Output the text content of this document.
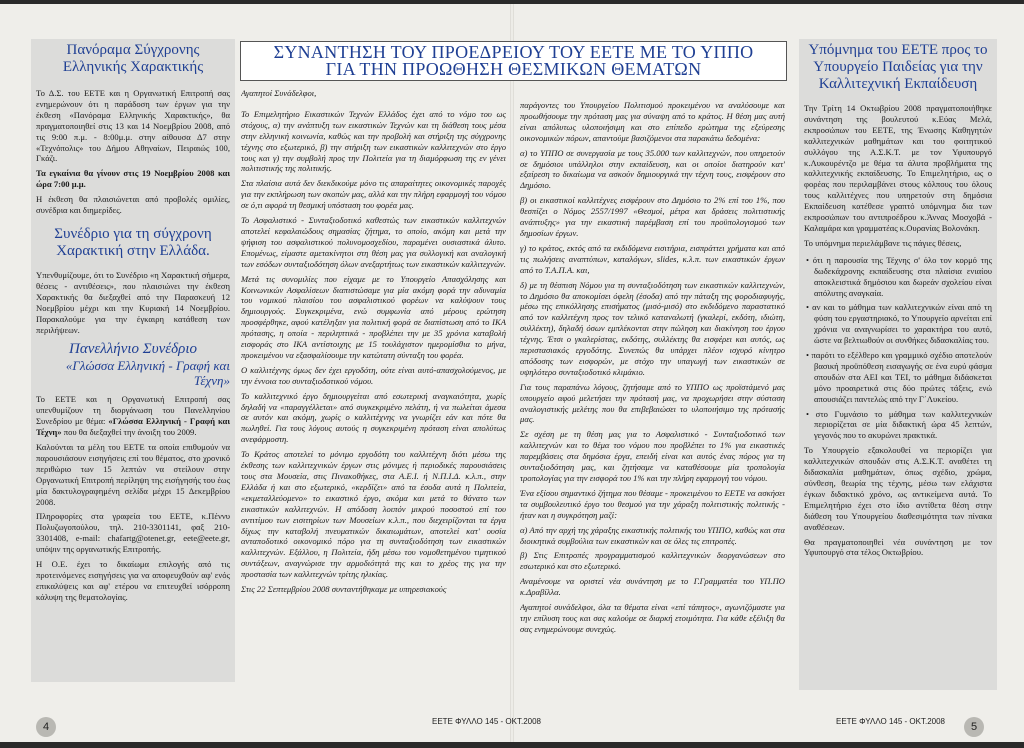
Πανόραμα Σύγχρονης Ελληνικής Χαρακτικής

Το Δ.Σ. του ΕΕΤΕ και η Οργανωτική Επιτροπή σας ενημερώνουν ότι η παράδοση των έργων για την έκθεση «Πανόραμα Ελληνικής Χαρακτικής», θα πραγματοποιηθεί στις 13 και 14 Νοεμβρίου 2008, από τις 9:00 π.μ. - 8:00μ.μ. στην αίθουσα Δ7 στην «Τεχνόπολις» του Δήμου Αθηναίων, Πειραιώς 100, Γκάζι.

Τα εγκαίνια θα γίνουν στις 19 Νοεμβρίου 2008 και ώρα 7:00 μ.μ.

Η έκθεση θα πλαισιώνεται από προβολές ομιλίες, συνέδρια και διημερίδες.

Συνέδριο για τη σύγχρονη Χαρακτική στην Ελλάδα.

Υπενθυμίζουμε, ότι το Συνέδριο «η Χαρακτική σήμερα, θέσεις - αντιθέσεις», που πλαισιώνει την έκθεση Χαρακτικής θα διεξαχθεί από την Παρασκευή 12 Νοεμβρίου μέχρι και την Κυριακή 14 Νοεμβρίου. Παρακαλούμε για την έγκαιρη κατάθεση των περιλήψεων.

Πανελλήνιο Συνέδριο
«Γλώσσα Ελληνική - Γραφή και Τέχνη»

Το ΕΕΤΕ και η Οργανωτική Επιτροπή σας υπενθυμίζουν τη διοργάνωση του Πανελληνίου Συνεδρίου με θέμα: «Γλώσσα Ελληνική - Γραφή και Τέχνη» που θα διεξαχθεί την άνοιξη του 2009.

Καλούνται τα μέλη του ΕΕΤΕ τα οποία επιθυμούν να παρουσιάσουν εισηγήσεις επί του θέματος, στο χρονικό περιθώριο των 15 λεπτών να στείλουν στην Οργανωτική Επιτροπή περίληψη της εισήγησής του έως μία δακτυλογραφημένη σελίδα μέχρι 15 Δεκεμβρίου 2008.

Πληροφορίες στα γραφεία του ΕΕΤΕ, κ.Πέννυ Πολυζωγοπούλου, τηλ. 210-3301141, φαξ 210-3301408, e-mail: chafartg@otenet.gr, eete@eete.gr, υπόψιν της οργανωτικής Επιτροπής.

Η Ο.Ε. έχει το δικαίωμα επιλογής από τις προτεινόμενες εισηγήσεις για να αποφευχθούν αφ' ενός επικαλύψεις και αφ' ετέρου να επιτευχθεί ισόρροπη κάλυψη της θεματολογίας.

ΣΥΝΑΝΤΗΣΗ ΤΟΥ ΠΡΟΕΔΡΕΙΟΥ ΤΟΥ ΕΕΤΕ ΜΕ ΤΟ ΥΠΠΟ
ΓΙΑ ΤΗΝ ΠΡΟΩΘΗΣΗ ΘΕΣΜΙΚΩΝ ΘΕΜΑΤΩΝ

Αγαπητοί Συνάδελφοι,

Το Επιμελητήριο Εικαστικών Τεχνών Ελλάδος έχει από το νόμο του ως στόχους, α) την ανάπτυξη των εικαστικών Τεχνών και τη διάθεση τους μέσα στην ελληνική κοινωνία, καθώς και την προβολή και στήριξη της σύγχρονης τέχνης στο εξωτερικό, β) την στήριξη των εικαστικών καλλιτεχνών στο έργο τους και γ) την συμβολή προς την Πολιτεία για τη διαμόρφωση της εν γένει πολιτιστικής της πολιτικής.

Στα πλαίσια αυτά δεν διεκδικούμε μόνο τις απαραίτητες οικονομικές παροχές για την εκπλήρωση των σκοπών μας, αλλά και την πλήρη εφαρμογή του νόμου σε ό,τι αφορά τη θεσμική υπόσταση του φορέα μας.

Το Ασφαλιστικό - Συνταξιοδοτικό καθεστώς των εικαστικών καλλιτεχνών αποτελεί κεφαλαιώδους σημασίας ζήτημα, το οποίο, ακόμη και μετά την ψήφιση του ασφαλιστικού πολυνομοσχεδίου, παραμένει ουσιαστικά άλυτο. Επομένως, είμαστε αμετακίνητοι στη θέση μας για συλλογική και αναλογική των εσόδων συνταξιοδότηση όλων ανεξαρτήτως των εικαστικών καλλιτεχνών.

Μετά τις συνομιλίες που είχαμε με το Υπουργείο Απασχόλησης και Κοινωνικών Ασφαλίσεων διαπιστώσαμε για μία ακόμη φορά την αδυναμία του νομικού πλαισίου του ασφαλιστικού φορέων να καλύψουν τους δημιουργούς. Συγκεκριμένα, ενώ συμφωνία από μέρους ερώτηση προσφέρθηκε, αφού κατέληξαν για πολιτική φορά σε διαπίστωση από το ΙΚΑ πρότασης, η οποία - περιληπτικά - προβλέπει την με 35 χρόνια καταβολή εισφοράς στο ΙΚΑ αντίστοιχης με 15 τουλάχιστον ημερομίσθια το μήνα, προκειμένου να εξασφαλίσουμε την κατώτατη σύνταξη του φορέα.

Ο καλλιτέχνης όμως δεν έχει εργοδότη, ούτε είναι αυτό-απασχολούμενος, με την έννοια του συνταξιοδοτικού νόμου.

Το καλλιτεχνικό έργο δημιουργείται από εσωτερική αναγκαιότητα, χωρίς δηλαδή να «παραγγέλλεται» από συγκεκριμένο πελάτη, ή να πωλείται άμεσα σε αυτόν και ακόμη, χωρίς ο καλλιτέχνης να γνωρίζει εάν και πότε θα πωληθεί. Για τους λόγους αυτούς η συγκεκριμένη πρόταση είναι απολύτως ανεφάρμοστη.

Το Κράτος αποτελεί το μόνιμο εργοδότη του καλλιτέχνη διότι μέσω της έκθεσης των καλλιτεχνικών έργων στις μόνιμες ή περιοδικές παρουσιάσεις τους στα Μουσεία, στις Πινακοθήκες, στα Α.Ε.Ι. ή Ν.Π.Ι.Δ. κ.λ.π., στην Ελλάδα ή και στο εξωτερικό, «κερδίζει» από τα έσοδα αυτά η Πολιτεία, «εκμεταλλεύομενο» το εικαστικό έργο, ακόμα και μετά το θάνατο των εικαστικών καλλιτεχνών. Η απόδοση λοιπόν μικρού ποσοστού επί του αντιτίμου των εισιτηρίων των Μουσείων κ.λ.π., που διεχειρίζονται τα έργα δίχως την καταβολή πνευματικών δικαιωμάτων, αποτελεί κατ' ουσία ανταποδοτικό οικονομικό πόρο για τη συνταξιοδότηση των εικαστικών καλλιτεχνών. Εξάλλου, η Πολιτεία, ήδη μέσω του νομοθετημένου τιμητικού συντάξεων, αναγνώρισε την αρμοδιότητά της και το χρέος της για την προστασία των καλλιτεχνών τρίτης ηλικίας.

Στις 22 Σεπτεμβρίου 2008 συνταντήθηκαμε με υπηρεσιακούς

παράγοντες του Υπουργείου Πολιτισμού προκειμένου να αναλύσουμε και προωθήσουμε την πρόταση μας για σύναψη από το κράτος. Η θέση μας αυτή είναι απόλυτως υλοποιήσιμη και στο επίπεδο ερώτημα της εξεύρεσης οικονομικών πόρων, απαντούμε βασιζόμενοι στα παρακάτω δεδομένα:

α) το ΥΠΠΟ σε συνεργασία με τους 35.000 των καλλιτεχνών, που υπηρετούν σε δημόσιοι υπάλληλοι στην εκπαίδευση, και οι οποίοι διατηρούν κατ' εξαίρεση το δικαίωμα να ασκούν δημιουργικά την τέχνη τους, εισφέρουν στο Δημόσιο.

β) οι εικαστικοί καλλιτέχνες εισφέρουν στο Δημόσιο το 2% επί του 1%, που θεσπίζει ο Νόμος 2557/1997 «Θεσμοί, μέτρα και δράσεις πολιτιστικής ανάπτυξης» για την εικαστική παρέμβαση επί του προϋπολογισμού των δημοσίων έργων.

γ) το κράτος, εκτός από τα εκδιδόμενα εισιτήρια, εισπράττει χρήματα και από τις πωλήσεις αναπτύπων, καταλόγων, slides, κ.λ.π. των εικαστικών έργων από το Τ.Α.Π.Α. και,

δ) με τη θέσπιση Νόμου για τη συνταξιοδότηση των εικαστικών καλλιτεχνών, το Δημόσιο θα αποκομίσει όφελη (έσοδα) από την πάταξη της φοροδιαφυγής, μέσω της επικόλλησης επισήματος (μισό-μισό) στο εκδιδόμενο παραστατικό από τον καλλιτέχνη προς τον τελικό καταναλωτή (γκαλερί, εκδότη, ιδιώτη, συλλέκτη), δηλαδή όσων εμπλέκονται στην πώληση και διακίνηση του έργου τέχνης. Έτσι ο γκαλερίστας, εκδότης, συλλέκτης θα εισφέρει και αυτός, ως περιστασιακός εργοδότης. Συνεπώς θα υπάρχει πλέον ισχυρό κίνητρο απόδοσης των εισφορών, με στόχο την υπαγωγή των εικαστικών σε υψηλότερο συνταξιοδοτικό κλιμάκιο.

Για τους παραπάνω λόγους, ζητήσαμε από το ΥΠΠΟ ως προϊστάμενό μας υπουργείο αφού μελετήσει την πρότασή μας, να προχωρήσει στην σύσταση αναλογιστικής μελέτης που θα επιβεβαιώσει το υλοποιήσιμο της πρότασής μας.

Σε σχέση με τη θέση μας για το Ασφαλιστικό - Συνταξιοδοτικό των καλλιτεχνών και το θέμα του νόμου που προβλέπει το 1% για εικαστικές παρεμβάσεις στα δημόσια έργα, επειδή είναι και αυτός ένας πόρος για τη συνταξιοδότηση μας, και ζητήσαμε να καταθέσουμε μία τροπολογία τροπολογίας για την εισφορά του 1% και την πλήρη εφαρμογή του νόμου.

Ένα εξίσου σημαντικό ζήτημα που θέσαμε - προκειμένου το ΕΕΤΕ να ασκήσει τα συμβουλευτικό έργο του θεσμού για την χάραξη πολιτιστικής πολιτικής - ήταν και η συγκρότηση μαζί:

α) Από την αρχή της χάραξης εικαστικής πολιτικής του ΥΠΠΟ, καθώς και στα διοικητικά συμβούλια των εικαστικών και σε όλες τις επιτροπές.

β) Στις Επιτροπές προγραμματισμού καλλιτεχνικών διοργανώσεων στο εσωτερικό και στο εξωτερικό.

Αναμένουμε να οριστεί νέα συνάντηση με το Γ.Γραμματέα του ΥΠ.ΠΟ κ.Δραβίλλα.

Αγαπητοί συνάδελφοι, όλα τα θέματα είναι «επί τάπητος», αγωνιζόμαστε για την επίλυση τους και σας καλούμε σε διαρκή ετοιμότητα. Για κάθε εξέλιξη θα σας ενημερώνουμε συνεχώς.

Υπόμνημα του ΕΕΤΕ προς το Υπουργείο Παιδείας για την Καλλιτεχνική Εκπαίδευση

Την Τρίτη 14 Οκτωβρίου 2008 πραγματοποιήθηκε συνάντηση της βουλευτού κ.Εύας Μελά, εκπροσώπων του ΕΕΤΕ, της Ένωσης Καθηγητών καλλιτεχνικών μαθημάτων και του φοιτητικού συλλόγου της Α.Σ.Κ.Τ. με τον Υφυπουργό κ.Λυκουρέντζο με θέμα τα άλυτα προβλήματα της καλλιτεχνικής εκπαίδευσης. Το Επιμελητήριο, ως ο φορέας που περιλαμβάνει στους κόλπους του όλους τους καλλιτέχνες που υπηρετούν στη δημόσια Εκπαίδευση κατέθεσε γραπτό υπόμνημα δια των εκπροσώπων του αντιπροέδρου κ.Άννας Μοσχοβά - Καλαμάρα και γραμματέας κ.Ουρανίας Βολονάκη.

Το υπόμνημα περιελάμβανε τις πάγιες θέσεις,

• ότι η παρουσία της Τέχνης σ' όλο τον κορμό της δωδεκάχρονης εκπαίδευσης στα πλαίσια ενιαίου αποκλειστικά δημόσιου και δωρεάν σχολείου είναι απόλυτης αναγκαία.

• αν και το μάθημα των καλλιτεχνικών είναι από τη φύση του εργαστηριακό, το Υπουργείο αρνείται επί χρόνια να αναγνωρίσει το χαρακτήρα του αυτό, ώστε να βελτιωθούν οι συνθήκες διδασκαλίας του.

• παρότι το εξέλθερο και γραμμικό σχέδιο αποτελούν βασική προϋπόθεση εισαγωγής σε ένα ευρύ φάσμα σπουδών στα ΑΕΙ και ΤΕΙ, το μάθημα διδάσκεται μόνο προαιρετικά στις δύο πρώτες τάξεις, ενώ απουσιάζει παντελώς από την Γ΄Λυκείου.

• στο Γυμνάσιο το μάθημα των καλλιτεχνικών περιορίζεται σε μία διδακτική ώρα 45 λεπτών, γεγονός που το ακυρώνει πρακτικά.

Το Υπουργείο εξακολουθεί να περιορίζει για καλλιτεχνικών σπουδών στις Α.Σ.Κ.Τ. αναθέτει τη διδασκαλία μαθημάτων, όπως σχέδιο, χρώμα, σύνθεση, θεωρία της τέχνης, μέσω των ελάχιστα έγκων διδακτικό χρόνο, ως αντικείμενα αυτά. Το Επιμελητήριο έχει στο ίδιο αντίθετα θέση στην διάθεση του Υπουργείου διαθεσιμότητα των πίνακα αναθέσεων.

Θα πραγματοποιηθεί νέα συνάντηση με τον Υφυπουργό στα τέλος Οκτωβρίου.

4	ΕΕΤΕ ΦΥΛΛΟ 145 - ΟΚΤ.2008	ΕΕΤΕ ΦΥΛΛΟ 145 - ΟΚΤ.2008	5
